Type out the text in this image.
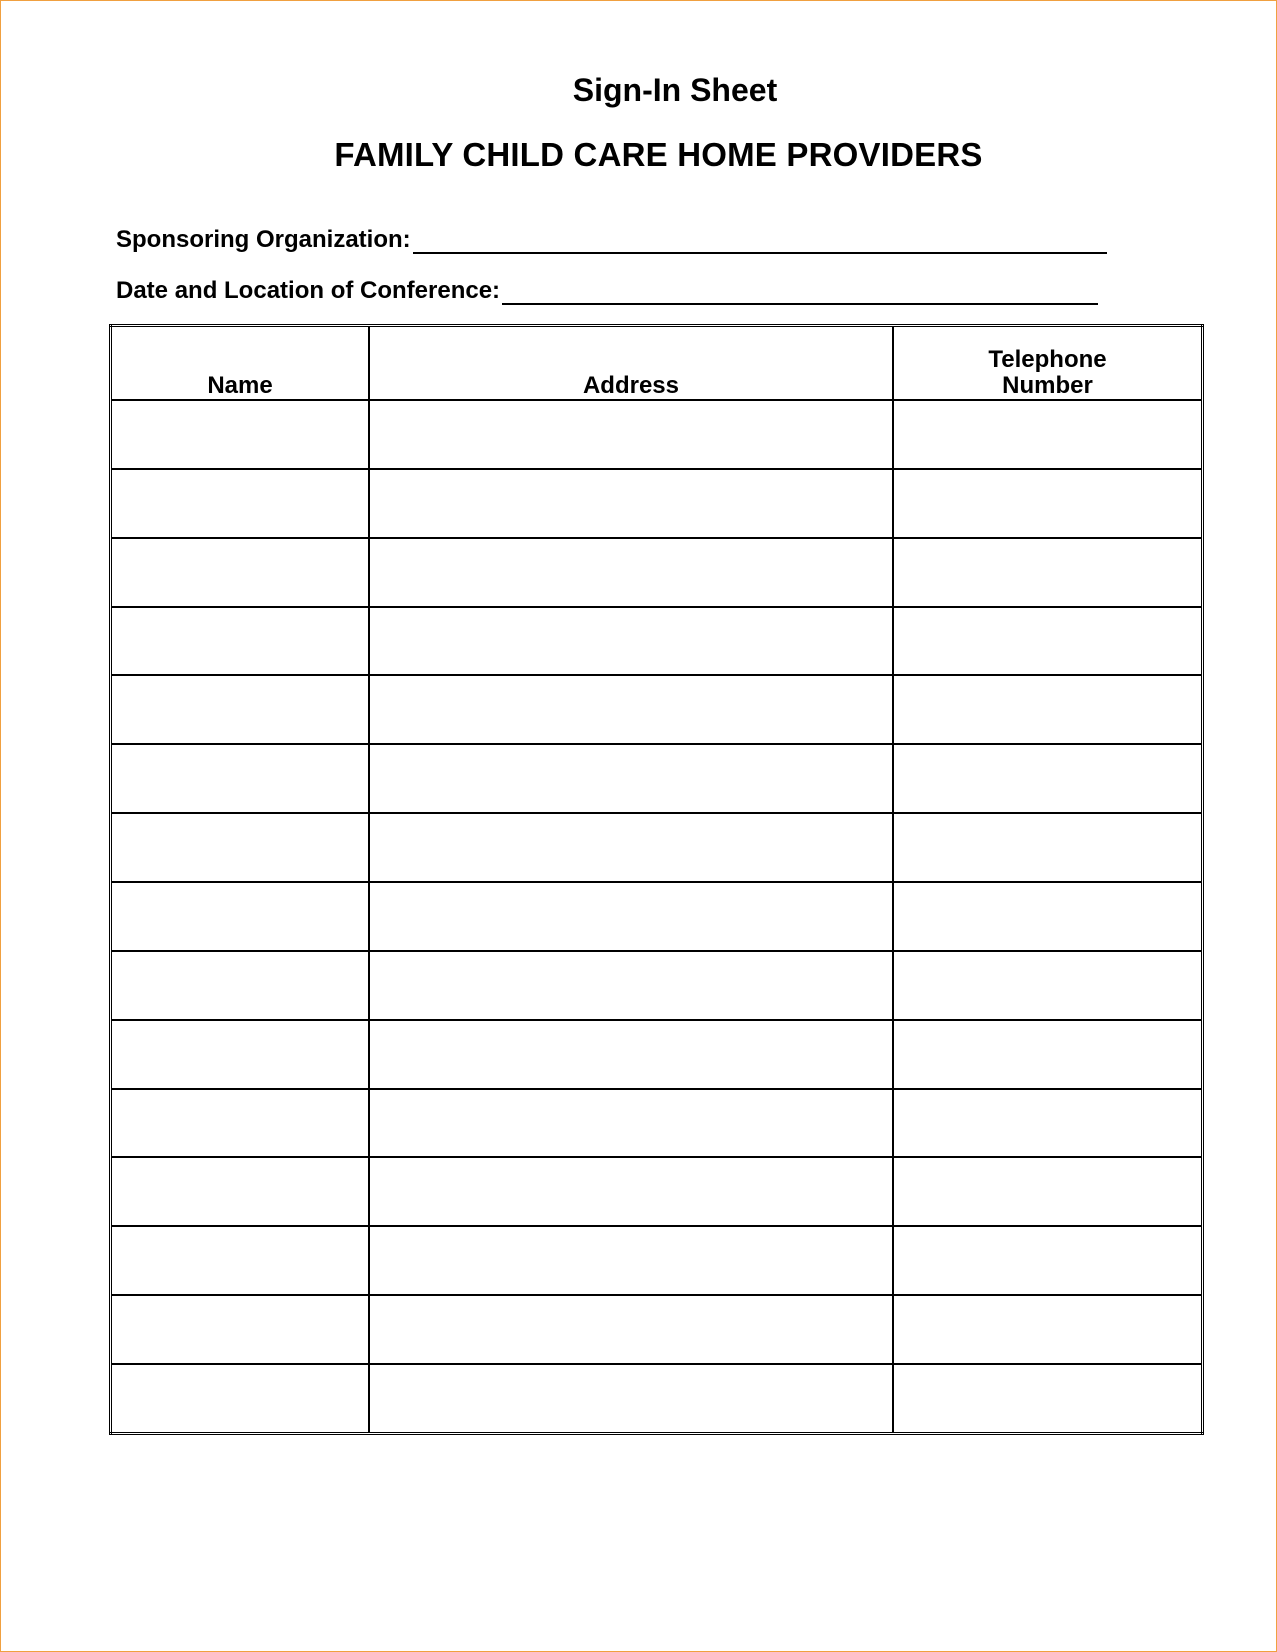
Sign-In Sheet
FAMILY CHILD CARE HOME PROVIDERS
Sponsoring Organization:
Date and Location of Conference:
Name	Address	Telephone
Number
